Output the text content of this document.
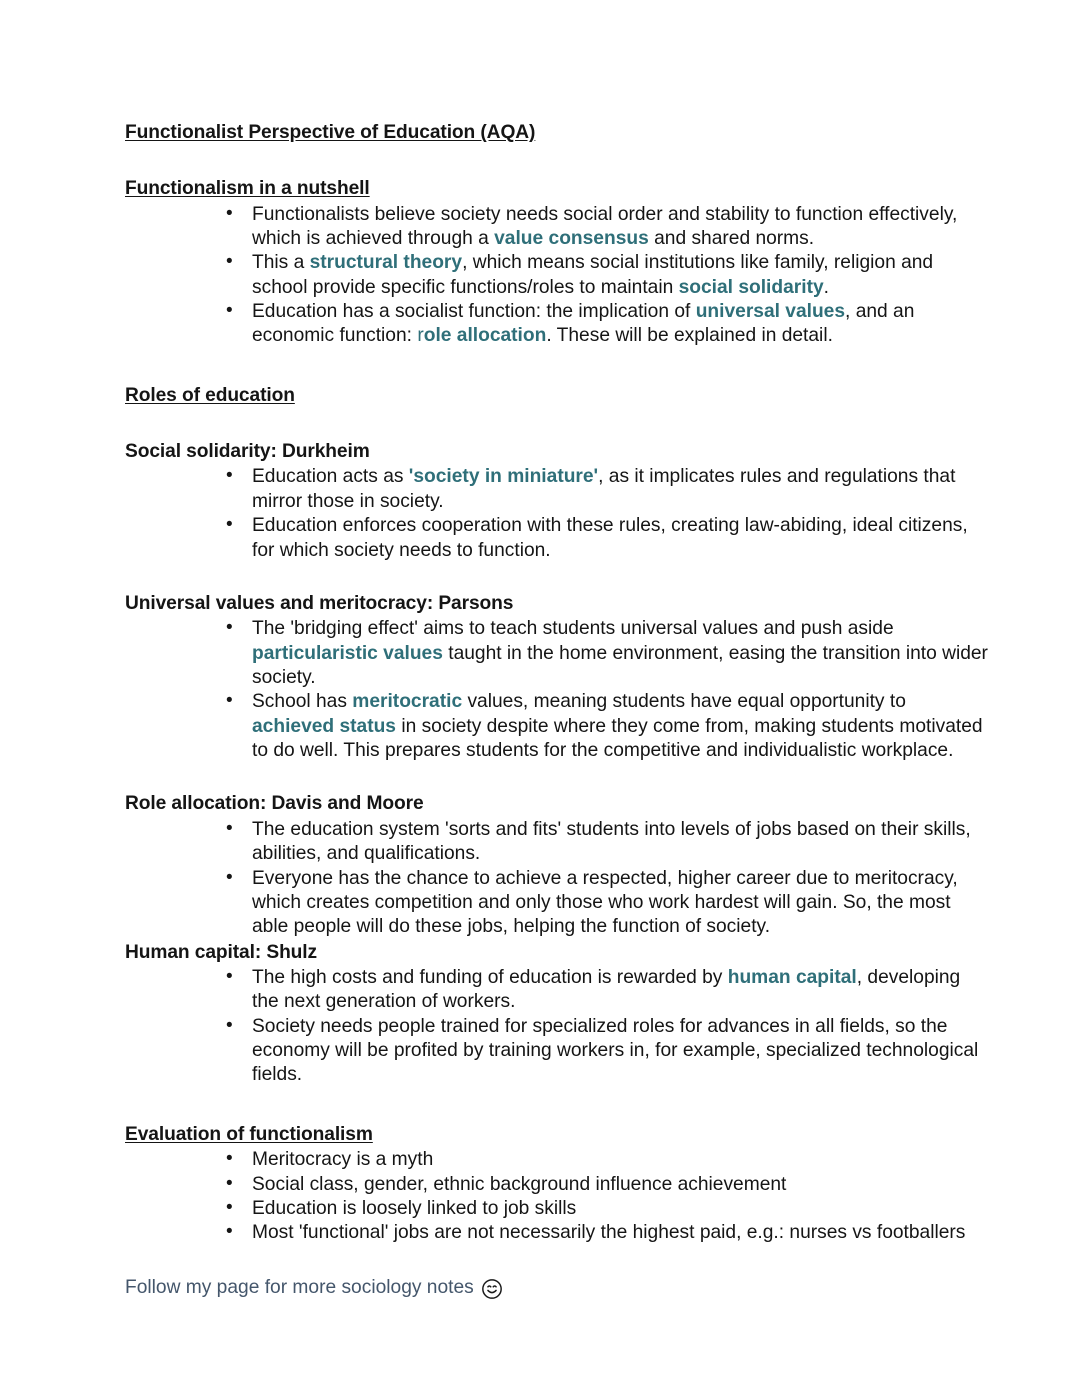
Functionalist Perspective of Education (AQA)
Functionalism in a nutshell
• Functionalists believe society needs social order and stability to function effectively, which is achieved through a value consensus and shared norms.
• This a structural theory, which means social institutions like family, religion and school provide specific functions/roles to maintain social solidarity.
• Education has a socialist function: the implication of universal values, and an economic function: role allocation. These will be explained in detail.
Roles of education
Social solidarity: Durkheim
• Education acts as 'society in miniature', as it implicates rules and regulations that mirror those in society.
• Education enforces cooperation with these rules, creating law-abiding, ideal citizens, for which society needs to function.
Universal values and meritocracy: Parsons
• The 'bridging effect' aims to teach students universal values and push aside particularistic values taught in the home environment, easing the transition into wider society.
• School has meritocratic values, meaning students have equal opportunity to achieved status in society despite where they come from, making students motivated to do well. This prepares students for the competitive and individualistic workplace.
Role allocation: Davis and Moore
• The education system 'sorts and fits' students into levels of jobs based on their skills, abilities, and qualifications.
• Everyone has the chance to achieve a respected, higher career due to meritocracy, which creates competition and only those who work hardest will gain. So, the most able people will do these jobs, helping the function of society.
Human capital: Shulz
• The high costs and funding of education is rewarded by human capital, developing the next generation of workers.
• Society needs people trained for specialized roles for advances in all fields, so the economy will be profited by training workers in, for example, specialized technological fields.
Evaluation of functionalism
• Meritocracy is a myth
• Social class, gender, ethnic background influence achievement
• Education is loosely linked to job skills
• Most 'functional' jobs are not necessarily the highest paid, e.g.: nurses vs footballers
Follow my page for more sociology notes
